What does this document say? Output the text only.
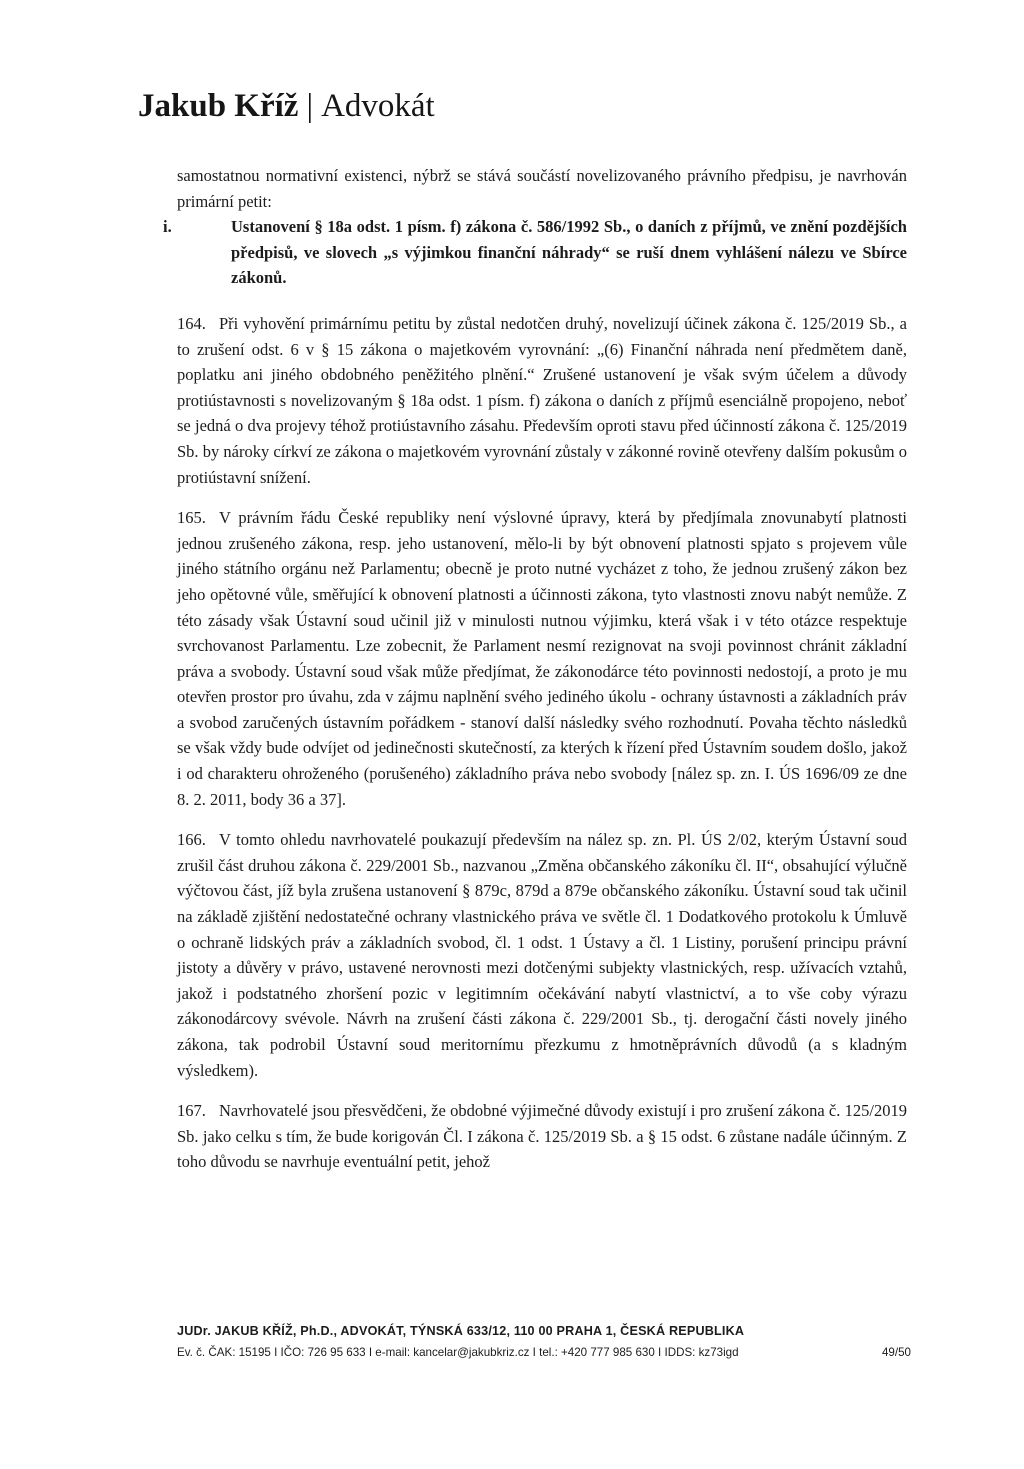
Jakub Kříž | Advokát

samostatnou normativní existenci, nýbrž se stává součástí novelizovaného právního předpisu, je navrhován primární petit:

i.	Ustanovení § 18a odst. 1 písm. f) zákona č. 586/1992 Sb., o daních z příjmů, ve znění pozdějších předpisů, ve slovech „s výjimkou finanční náhrady“ se ruší dnem vyhlášení nálezu ve Sbírce zákonů.

164. Při vyhovění primárnímu petitu by zůstal nedotčen druhý, novelizují účinek zákona č. 125/2019 Sb., a to zrušení odst. 6 v § 15 zákona o majetkovém vyrovnání: „(6) Finanční náhrada není předmětem daně, poplatku ani jiného obdobného peněžitého plnění.“ Zrušené ustanovení je však svým účelem a důvody protiústavnosti s novelizovaným § 18a odst. 1 písm. f) zákona o daních z příjmů esenciálně propojeno, neboť se jedná o dva projevy téhož protiústavního zásahu. Především oproti stavu před účinností zákona č. 125/2019 Sb. by nároky církví ze zákona o majetkovém vyrovnání zůstaly v zákonné rovině otevřeny dalším pokusům o protiústavní snížení.

165. V právním řádu České republiky není výslovné úpravy, která by předjímala znovunabytí platnosti jednou zrušeného zákona, resp. jeho ustanovení, mělo-li by být obnovení platnosti spjato s projevem vůle jiného státního orgánu než Parlamentu; obecně je proto nutné vycházet z toho, že jednou zrušený zákon bez jeho opětovné vůle, směřující k obnovení platnosti a účinnosti zákona, tyto vlastnosti znovu nabýt nemůže. Z této zásady však Ústavní soud učinil již v minulosti nutnou výjimku, která však i v této otázce respektuje svrchovanost Parlamentu. Lze zobecnit, že Parlament nesmí rezignovat na svoji povinnost chránit základní práva a svobody. Ústavní soud však může předjímat, že zákonodárce této povinnosti nedostojí, a proto je mu otevřen prostor pro úvahu, zda v zájmu naplnění svého jediného úkolu - ochrany ústavnosti a základních práv a svobod zaručených ústavním pořádkem - stanoví další následky svého rozhodnutí. Povaha těchto následků se však vždy bude odvíjet od jedinečnosti skutečností, za kterých k řízení před Ústavním soudem došlo, jakož i od charakteru ohroženého (porušeného) základního práva nebo svobody [nález sp. zn. I. ÚS 1696/09 ze dne 8. 2. 2011, body 36 a 37].

166. V tomto ohledu navrhovatelé poukazují především na nález sp. zn. Pl. ÚS 2/02, kterým Ústavní soud zrušil část druhou zákona č. 229/2001 Sb., nazvanou „Změna občanského zákoníku čl. II“, obsahující výlučně výčtovou část, jíž byla zrušena ustanovení § 879c, 879d a 879e občanského zákoníku. Ústavní soud tak učinil na základě zjištění nedostatečné ochrany vlastnického práva ve světle čl. 1 Dodatkového protokolu k Úmluvě o ochraně lidských práv a základních svobod, čl. 1 odst. 1 Ústavy a čl. 1 Listiny, porušení principu právní jistoty a důvěry v právo, ustavené nerovnosti mezi dotčenými subjekty vlastnických, resp. užívacích vztahů, jakož i podstatného zhoršení pozic v legitimním očekávání nabytí vlastnictví, a to vše coby výrazu zákonodárcovy svévole. Návrh na zrušení části zákona č. 229/2001 Sb., tj. derogační části novely jiného zákona, tak podrobil Ústavní soud meritornímu přezkumu z hmotněprávních důvodů (a s kladným výsledkem).

167. Navrhovatelé jsou přesvědčeni, že obdobné výjimečné důvody existují i pro zrušení zákona č. 125/2019 Sb. jako celku s tím, že bude korigován Čl. I zákona č. 125/2019 Sb. a § 15 odst. 6 zůstane nadále účinným. Z toho důvodu se navrhuje eventuální petit, jehož

JUDr. JAKUB KŘÍŽ, Ph.D., ADVOKÁT, TÝNSKÁ 633/12, 110 00 PRAHA 1, ČESKÁ REPUBLIKA
Ev. č. ČAK: 15195 I IČO: 726 95 633 I e-mail: kancelar@jakubkriz.cz I tel.: +420 777 985 630 I IDDS: kz73igd	49/50
